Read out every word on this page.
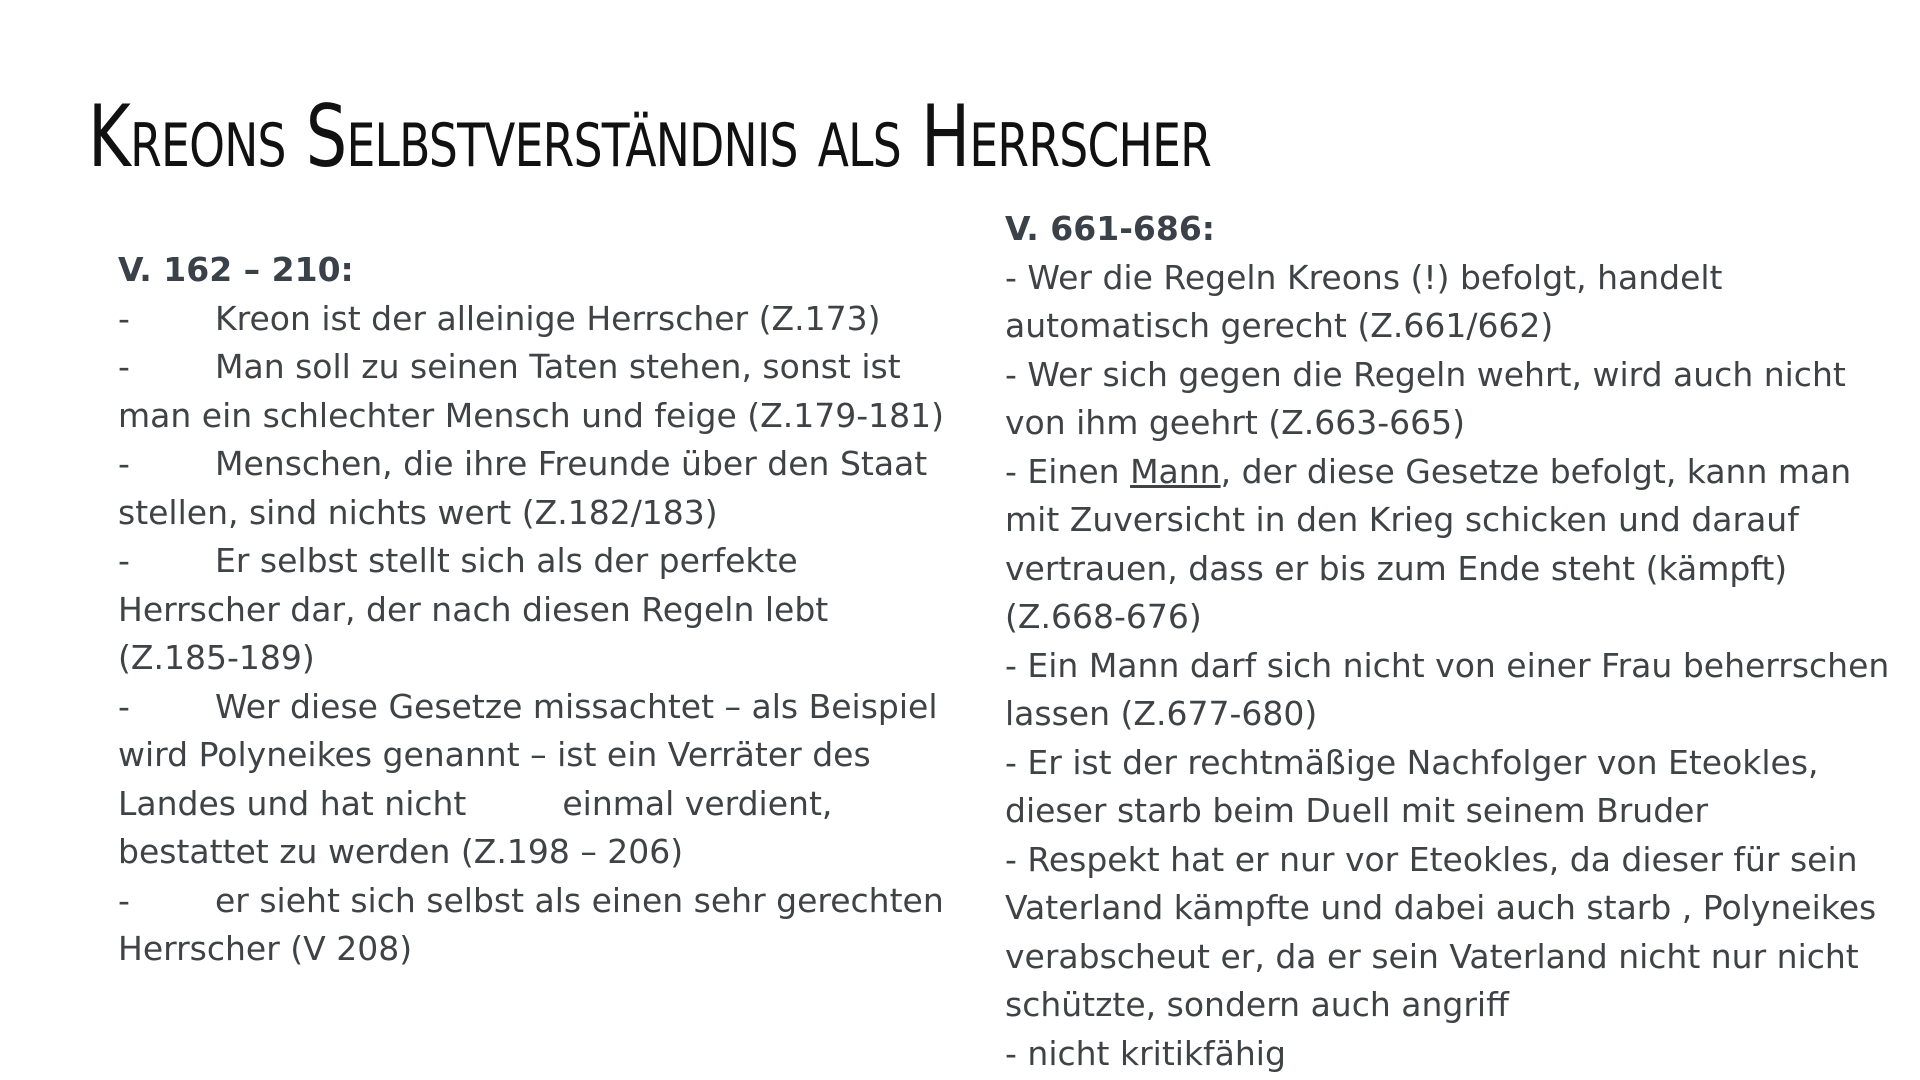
Kreons Selbstverständnis als Herrscher

V. 162 – 210:

-	Kreon ist der alleinige Herrscher (Z.173)

-	Man soll zu seinen Taten stehen, sonst ist man ein schlechter Mensch und feige (Z.179-181)

-	Menschen, die ihre Freunde über den Staat stellen, sind nichts wert (Z.182/183)

-	Er selbst stellt sich als der perfekte Herrscher dar, der nach diesen Regeln lebt (Z.185-189)

-	Wer diese Gesetze missachtet – als Beispiel wird Polyneikes genannt – ist ein Verräter des Landes und hat nicht	einmal verdient, bestattet zu werden (Z.198 – 206)

-	er sieht sich selbst als einen sehr gerechten Herrscher (V 208)

V. 661-686:

- Wer die Regeln Kreons (!) befolgt, handelt automatisch gerecht (Z.661/662)

- Wer sich gegen die Regeln wehrt, wird auch nicht von ihm geehrt (Z.663-665)

- Einen Mann, der diese Gesetze befolgt, kann man mit Zuversicht in den Krieg schicken und darauf vertrauen, dass er bis zum Ende steht (kämpft) (Z.668-676)

- Ein Mann darf sich nicht von einer Frau beherrschen lassen (Z.677-680)

- Er ist der rechtmäßige Nachfolger von Eteokles, dieser starb beim Duell mit seinem Bruder

- Respekt hat er nur vor Eteokles, da dieser für sein Vaterland kämpfte und dabei auch starb , Polyneikes verabscheut er, da er sein Vaterland nicht nur nicht schützte, sondern auch angriff

- nicht kritikfähig
